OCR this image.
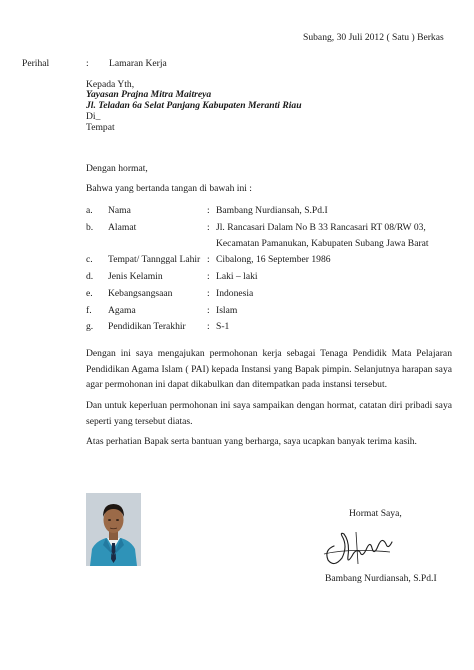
Subang, 30 Juli 2012 ( Satu ) Berkas
Perihal	: Lamaran Kerja
Kepada Yth,
Yayasan Prajna Mitra Maitreya
Jl. Teladan 6a Selat Panjang Kabupaten Meranti Riau
Di_
Tempat
Dengan hormat,
Bahwa yang bertanda tangan di bawah ini :
a. Nama	: Bambang Nurdiansah, S.Pd.I
b. Alamat	: Jl. Rancasari Dalam No B 33 Rancasari RT 08/RW 03,
Kecamatan Pamanukan, Kabupaten Subang Jawa Barat
c. Tempat/ Tannggal Lahir : Cibalong, 16 September 1986
d. Jenis Kelamin	: Laki – laki
e. Kebangsangsaan	: Indonesia
f. Agama	: Islam
g. Pendidikan Terakhir : S-1
Dengan ini saya mengajukan permohonan kerja sebagai Tenaga Pendidik Mata Pelajaran Pendidikan Agama Islam ( PAI) kepada Instansi yang Bapak pimpin. Selanjutnya harapan saya agar permohonan ini dapat dikabulkan dan ditempatkan pada instansi tersebut.
Dan untuk keperluan permohonan ini saya sampaikan dengan hormat, catatan diri pribadi saya seperti yang tersebut diatas.
Atas perhatian Bapak serta bantuan yang berharga, saya ucapkan banyak terima kasih.
Hormat Saya,
Bambang Nurdiansah, S.Pd.I
